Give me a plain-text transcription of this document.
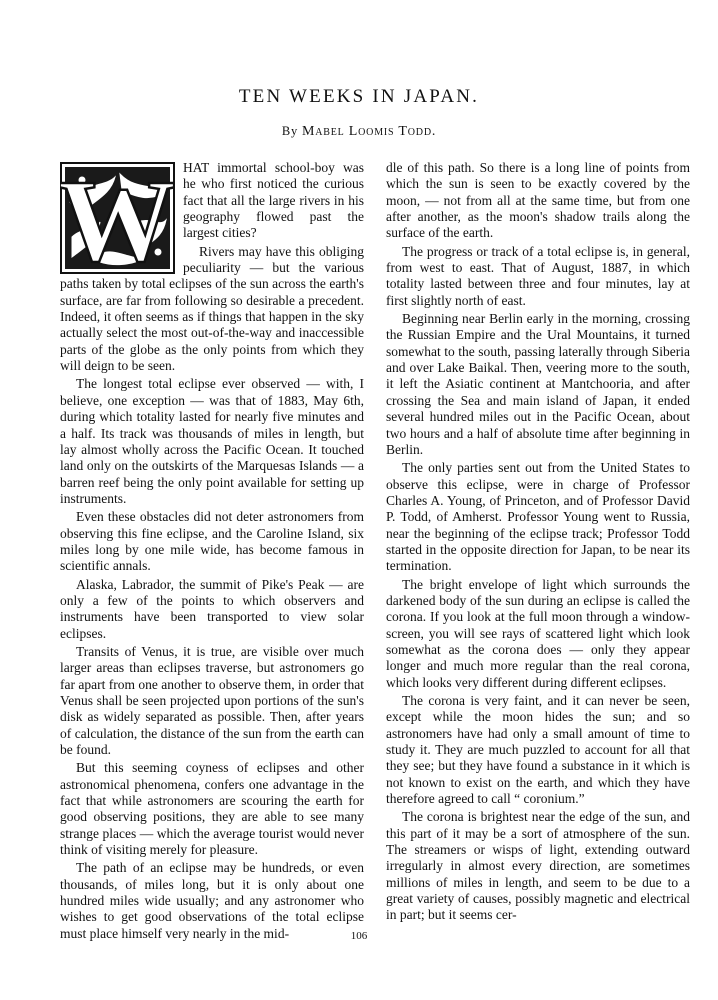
TEN WEEKS IN JAPAN.
By Mabel Loomis Todd.
W HAT immortal school-boy was he who first noticed the curious fact that all the large rivers in his geography flowed past the largest cities?

Rivers may have this obliging peculiarity — but the various paths taken by total eclipses of the sun across the earth's surface, are far from following so desirable a precedent. Indeed, it often seems as if things that happen in the sky actually select the most out-of-the-way and inaccessible parts of the globe as the only points from which they will deign to be seen.

The longest total eclipse ever observed — with, I believe, one exception — was that of 1883, May 6th, during which totality lasted for nearly five minutes and a half. Its track was thousands of miles in length, but lay almost wholly across the Pacific Ocean. It touched land only on the outskirts of the Marquesas Islands — a barren reef being the only point available for setting up instruments.

Even these obstacles did not deter astronomers from observing this fine eclipse, and the Caroline Island, six miles long by one mile wide, has become famous in scientific annals.

Alaska, Labrador, the summit of Pike's Peak — are only a few of the points to which observers and instruments have been transported to view solar eclipses.

Transits of Venus, it is true, are visible over much larger areas than eclipses traverse, but astronomers go far apart from one another to observe them, in order that Venus shall be seen projected upon portions of the sun's disk as widely separated as possible. Then, after years of calculation, the distance of the sun from the earth can be found.

But this seeming coyness of eclipses and other astronomical phenomena, confers one advantage in the fact that while astronomers are scouring the earth for good observing positions, they are able to see many strange places — which the average tourist would never think of visiting merely for pleasure.

The path of an eclipse may be hundreds, or even thousands, of miles long, but it is only about one hundred miles wide usually; and any astronomer who wishes to get good observations of the total eclipse must place himself very nearly in the mid-

dle of this path. So there is a long line of points from which the sun is seen to be exactly covered by the moon, — not from all at the same time, but from one after another, as the moon's shadow trails along the surface of the earth.

The progress or track of a total eclipse is, in general, from west to east. That of August, 1887, in which totality lasted between three and four minutes, lay at first slightly north of east.

Beginning near Berlin early in the morning, crossing the Russian Empire and the Ural Mountains, it turned somewhat to the south, passing laterally through Siberia and over Lake Baikal. Then, veering more to the south, it left the Asiatic continent at Mantchooria, and after crossing the Sea and main island of Japan, it ended several hundred miles out in the Pacific Ocean, about two hours and a half of absolute time after beginning in Berlin.

The only parties sent out from the United States to observe this eclipse, were in charge of Professor Charles A. Young, of Princeton, and of Professor David P. Todd, of Amherst. Professor Young went to Russia, near the beginning of the eclipse track; Professor Todd started in the opposite direction for Japan, to be near its termination.

The bright envelope of light which surrounds the darkened body of the sun during an eclipse is called the corona. If you look at the full moon through a window-screen, you will see rays of scattered light which look somewhat as the corona does — only they appear longer and much more regular than the real corona, which looks very different during different eclipses.

The corona is very faint, and it can never be seen, except while the moon hides the sun; and so astronomers have had only a small amount of time to study it. They are much puzzled to account for all that they see; but they have found a substance in it which is not known to exist on the earth, and which they have therefore agreed to call “ coronium.”

The corona is brightest near the edge of the sun, and this part of it may be a sort of atmosphere of the sun. The streamers or wisps of light, extending outward irregularly in almost every direction, are sometimes millions of miles in length, and seem to be due to a great variety of causes, possibly magnetic and electrical in part; but it seems cer-

106
